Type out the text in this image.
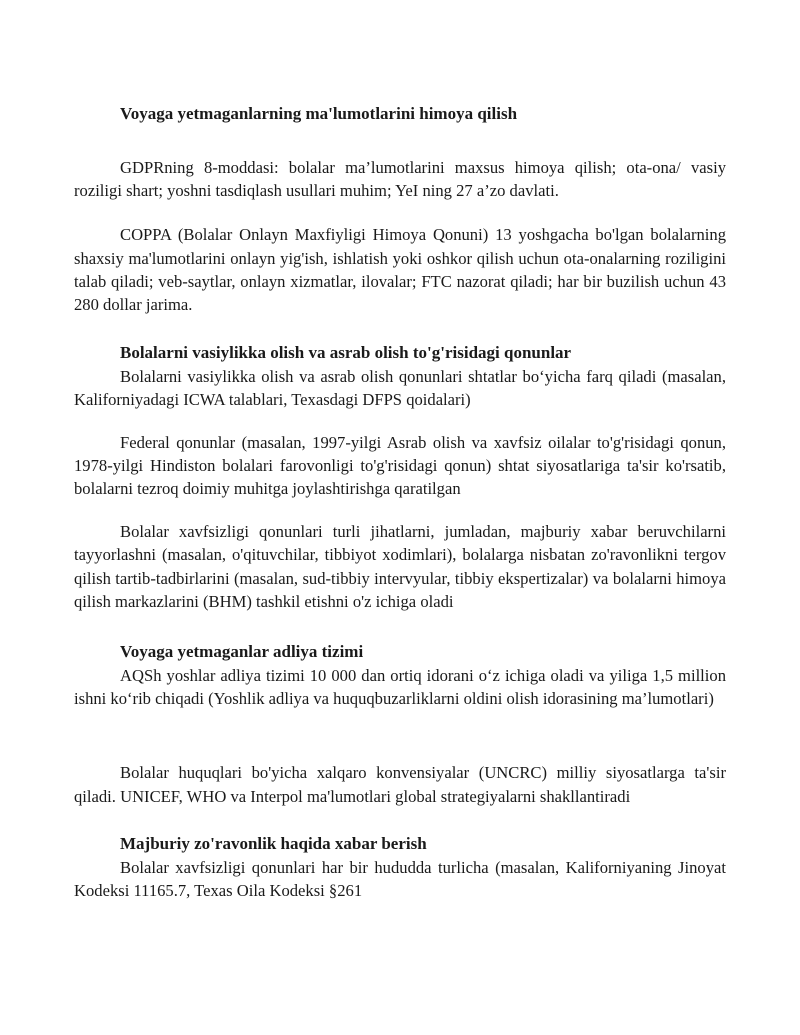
Voyaga yetmaganlarning ma'lumotlarini himoya qilish

GDPRning 8-moddasi: bolalar ma’lumotlarini maxsus himoya qilish; ota-ona/ vasiy roziligi shart; yoshni tasdiqlash usullari muhim; YeI ning 27 a’zo davlati.

COPPA (Bolalar Onlayn Maxfiyligi Himoya Qonuni) 13 yoshgacha bo'lgan bolalarning shaxsiy ma'lumotlarini onlayn yig'ish, ishlatish yoki oshkor qilish uchun ota-onalarning roziligini talab qiladi; veb-saytlar, onlayn xizmatlar, ilovalar; FTC nazorat qiladi; har bir buzilish uchun 43 280 dollar jarima.

Bolalarni vasiylikka olish va asrab olish to'g'risidagi qonunlar

Bolalarni vasiylikka olish va asrab olish qonunlari shtatlar bo‘yicha farq qiladi (masalan, Kaliforniyadagi ICWA talablari, Texasdagi DFPS qoidalari)

Federal qonunlar (masalan, 1997-yilgi Asrab olish va xavfsiz oilalar to'g'risidagi qonun, 1978-yilgi Hindiston bolalari farovonligi to'g'risidagi qonun) shtat siyosatlariga ta'sir ko'rsatib, bolalarni tezroq doimiy muhitga joylashtirishga qaratilgan

Bolalar xavfsizligi qonunlari turli jihatlarni, jumladan, majburiy xabar beruvchilarni tayyorlashni (masalan, o'qituvchilar, tibbiyot xodimlari), bolalarga nisbatan zo'ravonlikni tergov qilish tartib-tadbirlarini (masalan, sud-tibbiy intervyular, tibbiy ekspertizalar) va bolalarni himoya qilish markazlarini (BHM) tashkil etishni o'z ichiga oladi

Voyaga yetmaganlar adliya tizimi

AQSh yoshlar adliya tizimi 10 000 dan ortiq idorani o‘z ichiga oladi va yiliga 1,5 million ishni ko‘rib chiqadi (Yoshlik adliya va huquqbuzarliklarni oldini olish idorasining ma’lumotlari)

Bolalar huquqlari bo'yicha xalqaro konvensiyalar (UNCRC) milliy siyosatlarga ta'sir qiladi. UNICEF, WHO va Interpol ma'lumotlari global strategiyalarni shakllantiradi

Majburiy zo'ravonlik haqida xabar berish

Bolalar xavfsizligi qonunlari har bir hududda turlicha (masalan, Kaliforniyaning Jinoyat Kodeksi 11165.7, Texas Oila Kodeksi §261
